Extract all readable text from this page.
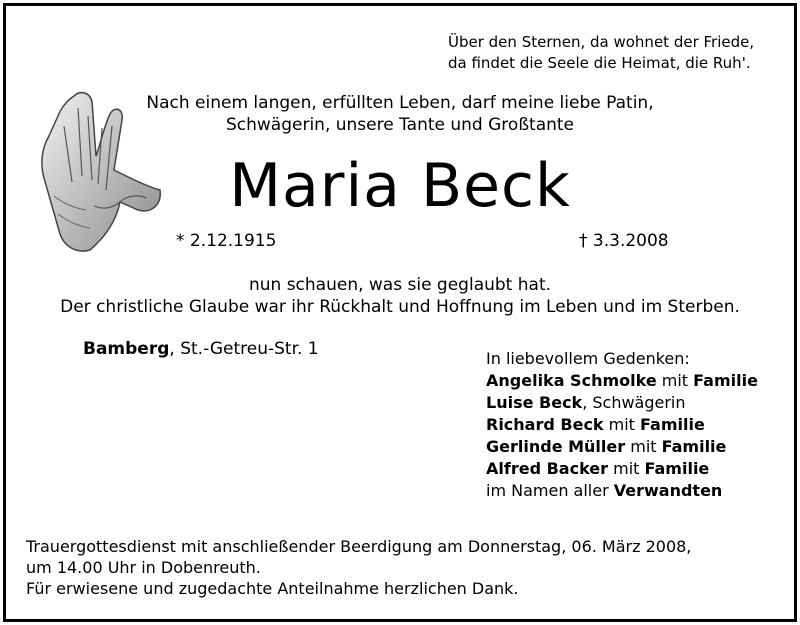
Über den Sternen, da wohnet der Friede,
da findet die Seele die Heimat, die Ruh'.
Nach einem langen, erfüllten Leben, darf meine liebe Patin,
Schwägerin, unsere Tante und Großtante
Maria Beck
* 2.12.1915	† 3.3.2008
nun schauen, was sie geglaubt hat.
Der christliche Glaube war ihr Rückhalt und Hoffnung im Leben und im Sterben.
Bamberg, St.-Getreu-Str. 1	In liebevollem Gedenken:
Angelika Schmolke mit Familie
Luise Beck, Schwägerin
Richard Beck mit Familie
Gerlinde Müller mit Familie
Alfred Backer mit Familie
im Namen aller Verwandten
Trauergottesdienst mit anschließender Beerdigung am Donnerstag, 06. März 2008,
um 14.00 Uhr in Dobenreuth.
Für erwiesene und zugedachte Anteilnahme herzlichen Dank.
